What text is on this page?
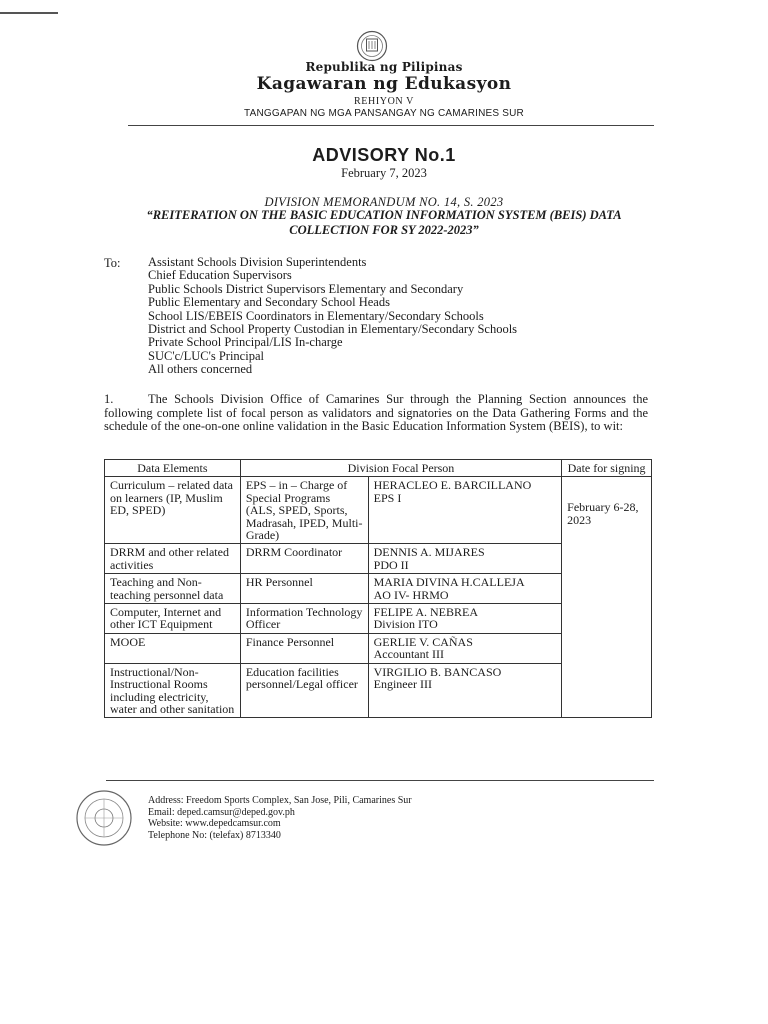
Republika ng Pilipinas
Kagawaran ng Edukasyon
REHIYON V
TANGGAPAN NG MGA PANSANGAY NG CAMARINES SUR
ADVISORY No.1
February 7, 2023
DIVISION MEMORANDUM NO. 14, S. 2023
“REITERATION ON THE BASIC EDUCATION INFORMATION SYSTEM (BEIS) DATA COLLECTION FOR SY 2022-2023”
To: Assistant Schools Division Superintendents
Chief Education Supervisors
Public Schools District Supervisors Elementary and Secondary
Public Elementary and Secondary School Heads
School LIS/EBEIS Coordinators in Elementary/Secondary Schools
District and School Property Custodian in Elementary/Secondary Schools
Private School Principal/LIS In-charge
SUC'c/LUC's Principal
All others concerned

1.	The Schools Division Office of Camarines Sur through the Planning Section announces the following complete list of focal person as validators and signatories on the Data Gathering Forms and the schedule of the one-on-one online validation in the Basic Education Information System (BEIS), to wit:

Data Elements	Division Focal Person		Date for signing
Curriculum – related data on learners (IP, Muslim ED, SPED)	EPS – in – Charge of Special Programs (ALS, SPED, Sports, Madrasah, IPED, Multi-Grade)	HERACLEO E. BARCILLANO
EPS I	February 6-28, 2023

DRRM and other related activities	DRRM Coordinator	DENNIS A. MIJARES
PDO II	

Teaching and Non-teaching personnel data	HR Personnel	MARIA DIVINA H.CALLEJA
AO IV- HRMO	

Computer, Internet and other ICT Equipment	Information Technology Officer	FELIPE A. NEBREA
Division ITO	

MOOE	Finance Personnel	GERLIE V. CAÑAS
Accountant III	

Instructional/Non-Instructional Rooms including electricity, water and other sanitation	Education facilities personnel/Legal officer	VIRGILIO B. BANCASO
Engineer III	
Address: Freedom Sports Complex, San Jose, Pili, Camarines Sur
Email: deped.camsur@deped.gov.ph
Website: www.depedcamsur.com
Telephone No: (telefax) 8713340
